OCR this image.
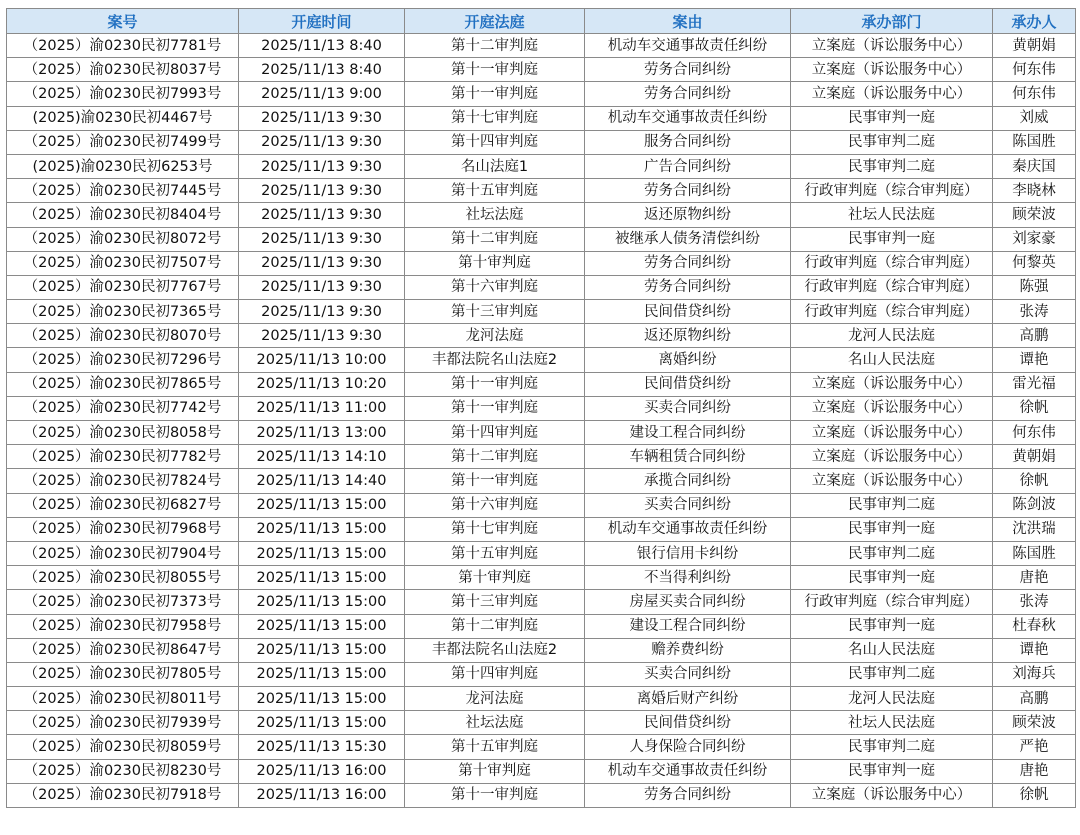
案号	开庭时间	开庭法庭	案由	承办部门	承办人
（2025）渝0230民初7781号	2025/11/13 8:40	第十二审判庭	机动车交通事故责任纠纷	立案庭（诉讼服务中心）	黄朝娟
（2025）渝0230民初8037号	2025/11/13 8:40	第十一审判庭	劳务合同纠纷	立案庭（诉讼服务中心）	何东伟
（2025）渝0230民初7993号	2025/11/13 9:00	第十一审判庭	劳务合同纠纷	立案庭（诉讼服务中心）	何东伟
(2025)渝0230民初4467号	2025/11/13 9:30	第十七审判庭	机动车交通事故责任纠纷	民事审判一庭	刘威
（2025）渝0230民初7499号	2025/11/13 9:30	第十四审判庭	服务合同纠纷	民事审判二庭	陈国胜
(2025)渝0230民初6253号	2025/11/13 9:30	名山法庭1	广告合同纠纷	民事审判二庭	秦庆国
（2025）渝0230民初7445号	2025/11/13 9:30	第十五审判庭	劳务合同纠纷	行政审判庭（综合审判庭）	李晓林
（2025）渝0230民初8404号	2025/11/13 9:30	社坛法庭	返还原物纠纷	社坛人民法庭	顾荣波
（2025）渝0230民初8072号	2025/11/13 9:30	第十二审判庭	被继承人债务清偿纠纷	民事审判一庭	刘家豪
（2025）渝0230民初7507号	2025/11/13 9:30	第十审判庭	劳务合同纠纷	行政审判庭（综合审判庭）	何黎英
（2025）渝0230民初7767号	2025/11/13 9:30	第十六审判庭	劳务合同纠纷	行政审判庭（综合审判庭）	陈强
（2025）渝0230民初7365号	2025/11/13 9:30	第十三审判庭	民间借贷纠纷	行政审判庭（综合审判庭）	张涛
（2025）渝0230民初8070号	2025/11/13 9:30	龙河法庭	返还原物纠纷	龙河人民法庭	高鹏
（2025）渝0230民初7296号	2025/11/13 10:00	丰都法院名山法庭2	离婚纠纷	名山人民法庭	谭艳
（2025）渝0230民初7865号	2025/11/13 10:20	第十一审判庭	民间借贷纠纷	立案庭（诉讼服务中心）	雷光福
（2025）渝0230民初7742号	2025/11/13 11:00	第十一审判庭	买卖合同纠纷	立案庭（诉讼服务中心）	徐帆
（2025）渝0230民初8058号	2025/11/13 13:00	第十四审判庭	建设工程合同纠纷	立案庭（诉讼服务中心）	何东伟
（2025）渝0230民初7782号	2025/11/13 14:10	第十二审判庭	车辆租赁合同纠纷	立案庭（诉讼服务中心）	黄朝娟
（2025）渝0230民初7824号	2025/11/13 14:40	第十一审判庭	承揽合同纠纷	立案庭（诉讼服务中心）	徐帆
（2025）渝0230民初6827号	2025/11/13 15:00	第十六审判庭	买卖合同纠纷	民事审判二庭	陈剑波
（2025）渝0230民初7968号	2025/11/13 15:00	第十七审判庭	机动车交通事故责任纠纷	民事审判一庭	沈洪瑞
（2025）渝0230民初7904号	2025/11/13 15:00	第十五审判庭	银行信用卡纠纷	民事审判二庭	陈国胜
（2025）渝0230民初8055号	2025/11/13 15:00	第十审判庭	不当得利纠纷	民事审判一庭	唐艳
（2025）渝0230民初7373号	2025/11/13 15:00	第十三审判庭	房屋买卖合同纠纷	行政审判庭（综合审判庭）	张涛
（2025）渝0230民初7958号	2025/11/13 15:00	第十二审判庭	建设工程合同纠纷	民事审判一庭	杜春秋
（2025）渝0230民初8647号	2025/11/13 15:00	丰都法院名山法庭2	赡养费纠纷	名山人民法庭	谭艳
（2025）渝0230民初7805号	2025/11/13 15:00	第十四审判庭	买卖合同纠纷	民事审判二庭	刘海兵
（2025）渝0230民初8011号	2025/11/13 15:00	龙河法庭	离婚后财产纠纷	龙河人民法庭	高鹏
（2025）渝0230民初7939号	2025/11/13 15:00	社坛法庭	民间借贷纠纷	社坛人民法庭	顾荣波
（2025）渝0230民初8059号	2025/11/13 15:30	第十五审判庭	人身保险合同纠纷	民事审判二庭	严艳
（2025）渝0230民初8230号	2025/11/13 16:00	第十审判庭	机动车交通事故责任纠纷	民事审判一庭	唐艳
（2025）渝0230民初7918号	2025/11/13 16:00	第十一审判庭	劳务合同纠纷	立案庭（诉讼服务中心）	徐帆
